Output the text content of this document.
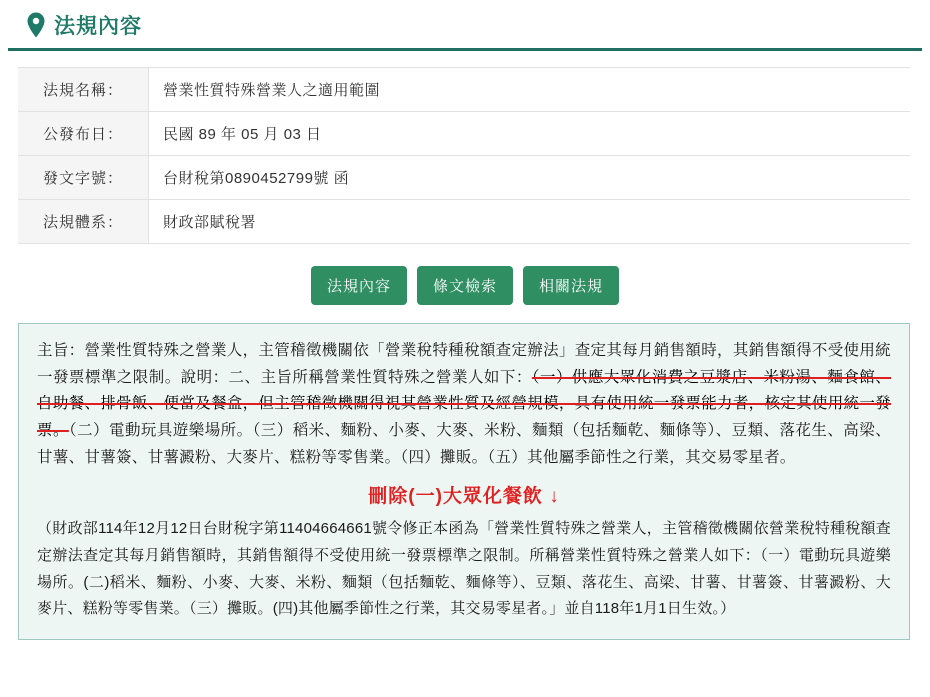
法規內容
法規名稱：	營業性質特殊營業人之適用範圍
公發布日：	民國 89 年 05 月 03 日
發文字號：	台財稅第0890452799號 函
法規體系：	財政部賦稅署
法規內容	條文檢索	相關法規

主旨：營業性質特殊之營業人，主管稽徵機關依「營業稅特種稅額查定辦法」查定其每月銷售額時，其銷售額得不受使用統一發票標準之限制。說明：二、主旨所稱營業性質特殊之營業人如下：（一）供應大眾化消費之豆漿店、米粉湯、麵食館、自助餐、排骨飯、便當及餐盒，但主管稽徵機關得視其營業性質及經營規模，具有使用統一發票能力者，核定其使用統一發票。（二）電動玩具遊樂場所。（三）稻米、麵粉、小麥、大麥、米粉、麵類（包括麵乾、麵條等）、豆類、落花生、高梁、甘薯、甘薯簽、甘薯澱粉、大麥片、糕粉等零售業。（四）攤販。（五）其他屬季節性之行業，其交易零星者。

刪除(一)大眾化餐飲 ↓

（財政部114年12月12日台財稅字第11404664661號令修正本函為「營業性質特殊之營業人，主管稽徵機關依營業稅特種稅額查定辦法查定其每月銷售額時，其銷售額得不受使用統一發票標準之限制。所稱營業性質特殊之營業人如下：（一）電動玩具遊樂場所。(二)稻米、麵粉、小麥、大麥、米粉、麵類（包括麵乾、麵條等）、豆類、落花生、高梁、甘薯、甘薯簽、甘薯澱粉、大麥片、糕粉等零售業。（三）攤販。(四)其他屬季節性之行業，其交易零星者。」並自118年1月1日生效。）
